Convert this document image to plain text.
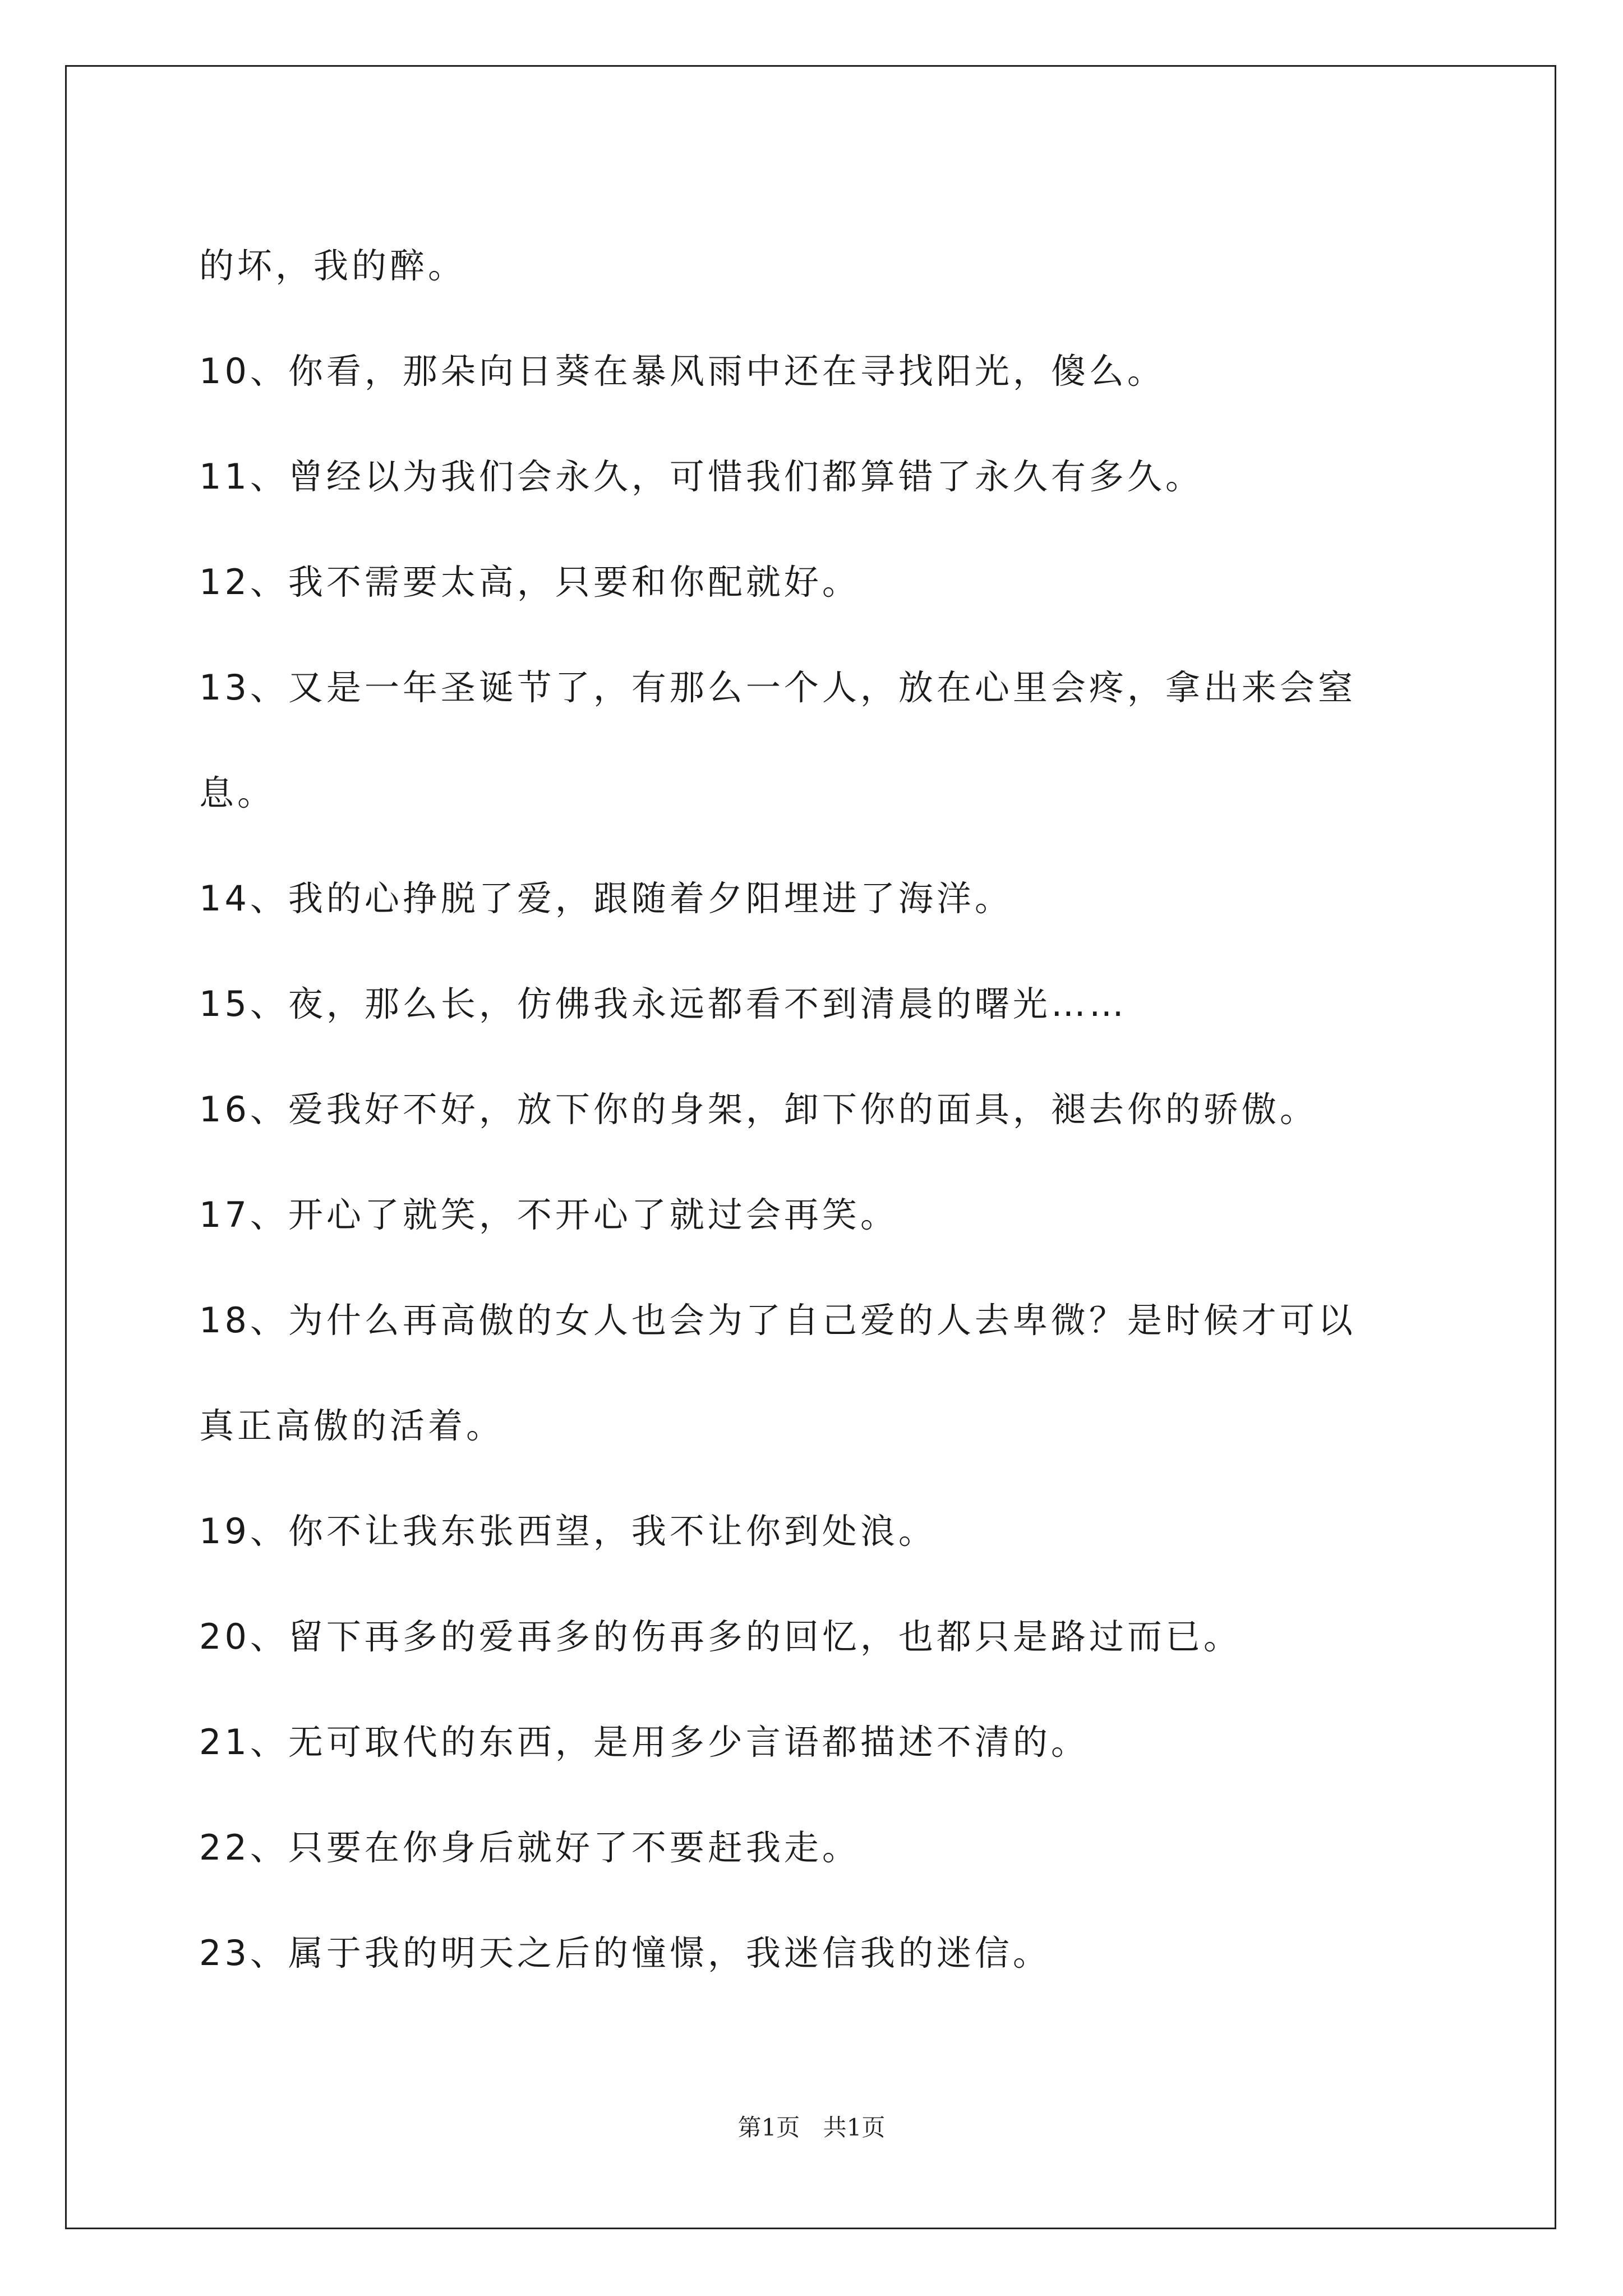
的坏，我的醉。
10、你看，那朵向日葵在暴风雨中还在寻找阳光，傻么。
11、曾经以为我们会永久，可惜我们都算错了永久有多久。
12、我不需要太高，只要和你配就好。
13、又是一年圣诞节了，有那么一个人，放在心里会疼，拿出来会窒
息。
14、我的心挣脱了爱，跟随着夕阳埋进了海洋。
15、夜，那么长，仿佛我永远都看不到清晨的曙光……
16、爱我好不好，放下你的身架，卸下你的面具，褪去你的骄傲。
17、开心了就笑，不开心了就过会再笑。
18、为什么再高傲的女人也会为了自己爱的人去卑微？是时候才可以
真正高傲的活着。
19、你不让我东张西望，我不让你到处浪。
20、留下再多的爱再多的伤再多的回忆，也都只是路过而已。
21、无可取代的东西，是用多少言语都描述不清的。
22、只要在你身后就好了不要赶我走。
23、属于我的明天之后的憧憬，我迷信我的迷信。
第1页 共1页
